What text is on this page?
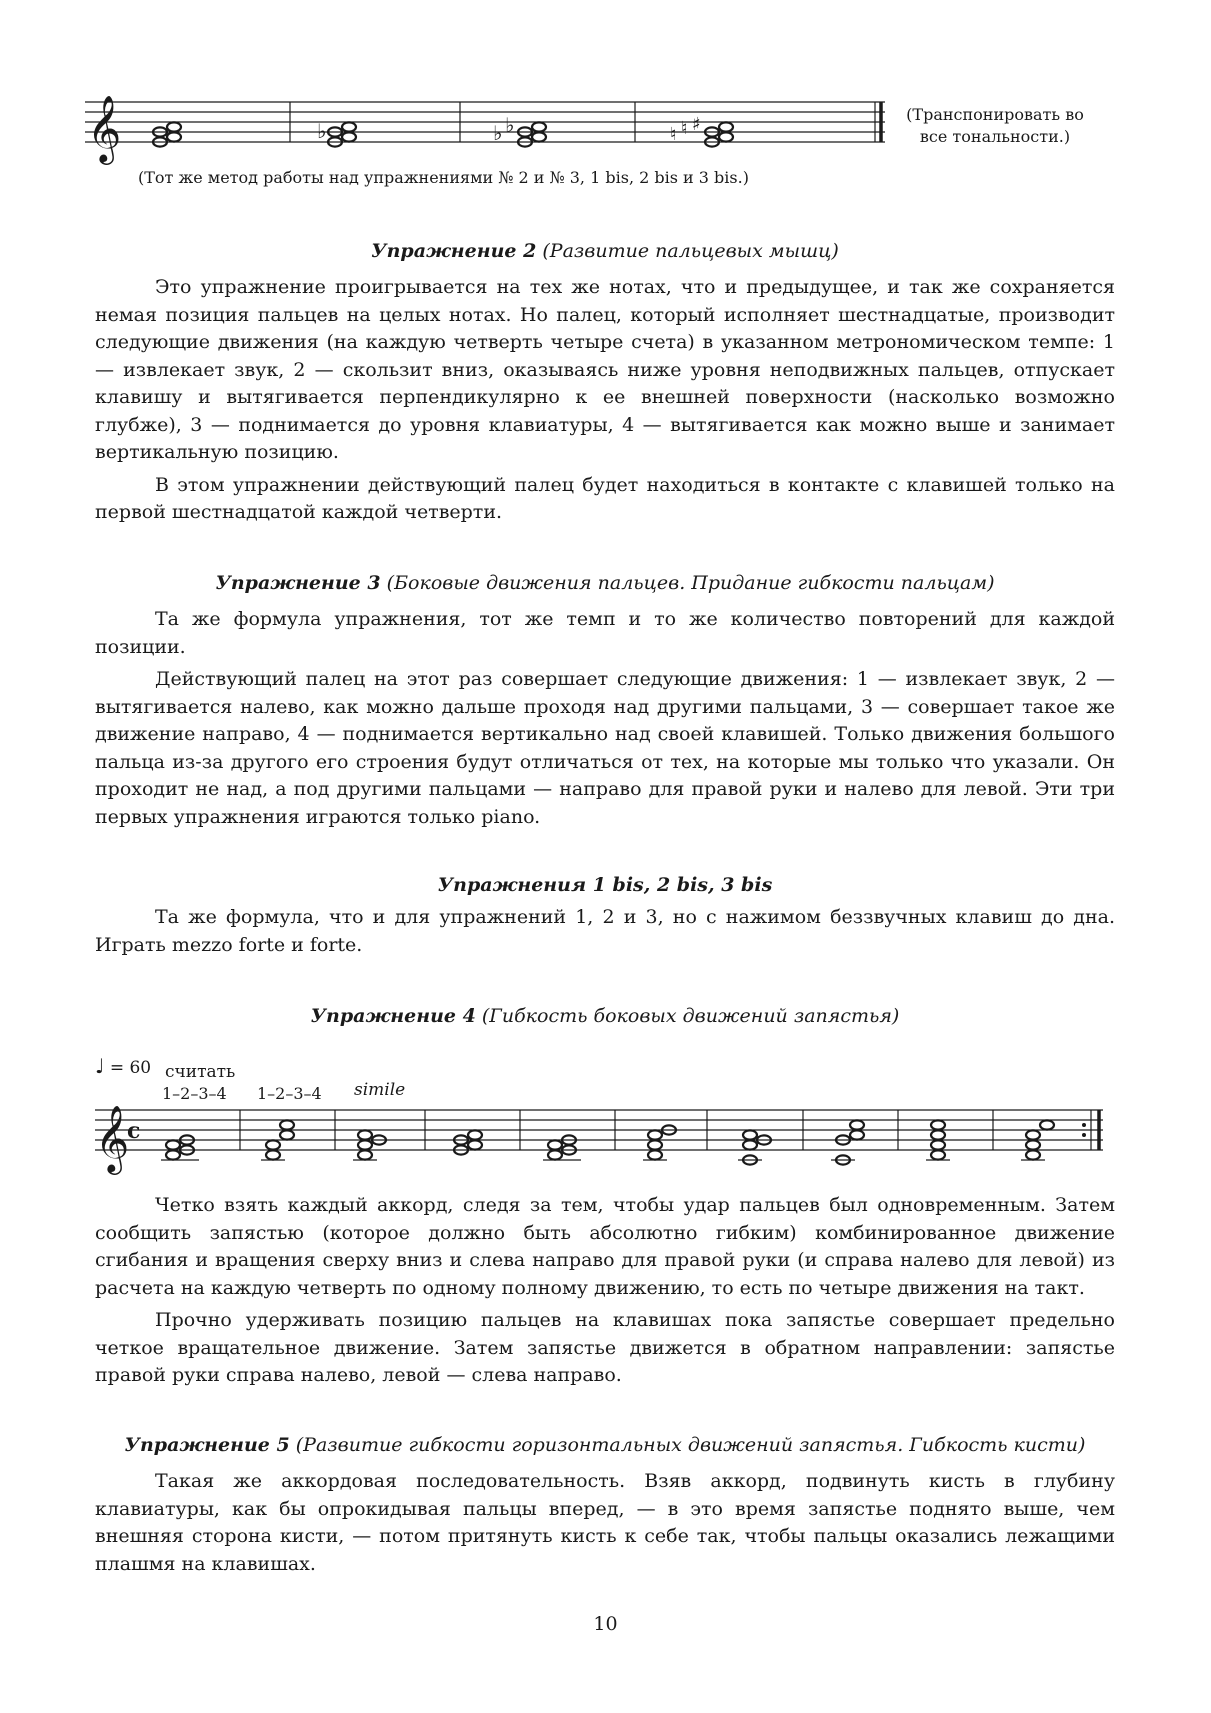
𝄞	♭	♭ ♭	♮ ♮ ♯	(Транспонировать во
все тональности.)
(Тот же метод работы над упражнениями № 2 и № 3, 1 bis, 2 bis и 3 bis.)
Упражнение 2 (Развитие пальцевых мышц)

Это упражнение проигрывается на тех же нотах, что и предыдущее, и так же сохраняется немая позиция пальцев на целых нотах. Но палец, который исполняет шестнадцатые, производит следующие движения (на каждую четверть четыре счета) в указанном метрономическом темпе: 1 — извлекает звук, 2 — скользит вниз, оказываясь ниже уровня неподвижных пальцев, отпускает клавишу и вытягивается перпендикулярно к ее внешней поверхности (насколько возможно глубже), 3 — поднимается до уровня клавиатуры, 4 — вытягивается как можно выше и занимает вертикальную позицию.

В этом упражнении действующий палец будет находиться в контакте с клавишей только на первой шестнадцатой каждой четверти.

Упражнение 3 (Боковые движения пальцев. Придание гибкости пальцам)

Та же формула упражнения, тот же темп и то же количество повторений для каждой позиции.

Действующий палец на этот раз совершает следующие движения: 1 — извлекает звук, 2 — вытягивается налево, как можно дальше проходя над другими пальцами, 3 — совершает такое же движение направо, 4 — поднимается вертикально над своей клавишей. Только движения большого пальца из-за другого его строения будут отличаться от тех, на которые мы только что указали. Он проходит не над, а под другими пальцами — направо для правой руки и налево для левой. Эти три первых упражнения играются только piano.

Упражнения 1 bis, 2 bis, 3 bis

Та же формула, что и для упражнений 1, 2 и 3, но с нажимом беззвучных клавиш до дна. Играть mezzo forte и forte.

Упражнение 4 (Гибкость боковых движений запястья)
♩ = 60 считать
1–2–3–4 1–2–3–4 simile
𝄞
c

Четко взять каждый аккорд, следя за тем, чтобы удар пальцев был одновременным. Затем сообщить запястью (которое должно быть абсолютно гибким) комбинированное движение сгибания и вращения сверху вниз и слева направо для правой руки (и справа налево для левой) из расчета на каждую четверть по одному полному движению, то есть по четыре движения на такт.

Прочно удерживать позицию пальцев на клавишах пока запястье совершает предельно четкое вращательное движение. Затем запястье движется в обратном направлении: запястье правой руки справа налево, левой — слева направо.

Упражнение 5 (Развитие гибкости горизонтальных движений запястья. Гибкость кисти)

Такая же аккордовая последовательность. Взяв аккорд, подвинуть кисть в глубину клавиатуры, как бы опрокидывая пальцы вперед, — в это время запястье поднято выше, чем внешняя сторона кисти, — потом притянуть кисть к себе так, чтобы пальцы оказались лежащими плашмя на клавишах.

10
